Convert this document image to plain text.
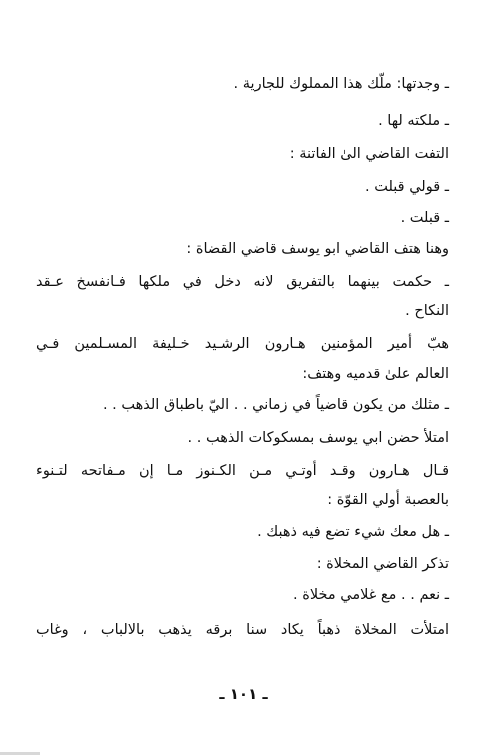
ـ وجدتها: ملّك هذا المملوك للجارية .
ـ ملكته لها .
التفت القاضي الىٰ الفاتنة :
ـ قولي قبلت .
ـ قبلت .
وهنا هتف القاضي ابو يوسف قاضي القضاة :
ـ حكمت بينهما بالتفريق لانه دخل في ملكها فـانفسخ عـقد
النكاح .
هبّ أمير المؤمنين هـارون الرشـيد خـليفة المسـلمين فـي
العالم علىٰ قدميه وهتف:
ـ مثلك من يكون قاضياً في زماني . . اليّ باطباق الذهب . .
امتلأ حضن ابي يوسف بمسكوكات الذهب . .
قـال هـارون وقـد أوتـي مـن الكـنوز مـا إن مـفاتحه لتـنوء
بالعصبة أولي القوّة :
ـ هل معك شيء تضع فيه ذهبك .
تذكر القاضي المخلاة :
ـ نعم . . مع غلامي مخلاة .
امتلأت المخلاة ذهباً يكاد سنا برقه يذهب بالالباب ، وغاب
ـ ١٠١ ـ
